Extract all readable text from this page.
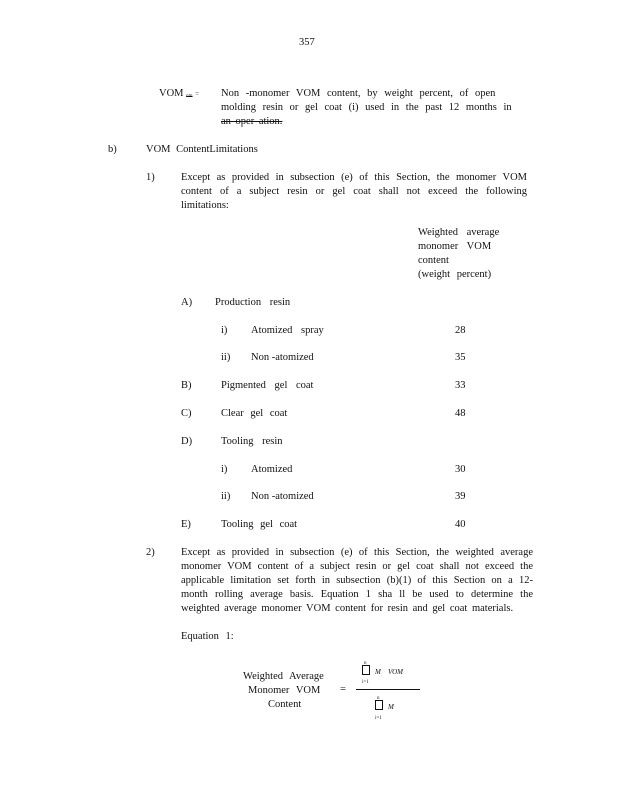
357
VOM nm = Non -monomer VOM content, by weight percent, of open
molding resin or gel coat (i) used in the past 12 months in
an oper ation.
b)	VOM ContentLimitations
1)	Except as provided in subsection (e) of this Section, the monomer VOM content of a subject resin or gel coat shall not exceed the following limitations:
Weighted average
monomer VOM
content
(weight percent)
A) Production resin
i) Atomized spray	28
ii) Non -atomized	35
B)	Pigmented gel coat	33
C)	Clear gel coat	48
D)	Tooling resin
i) Atomized	30
ii) Non -atomized	39
E)	Tooling gel coat	40
2)	Except as provided in subsection (e) of this Section, the weighted average monomer VOM content of a subject resin or gel coat shall not exceed the applicable limitation set forth in subsection (b)(1) of this Section on a 12-month rolling average basis. Equation 1 sha ll be used to determine the weighted average monomer VOM content for resin and gel coat materials.
Equation 1:
Weighted Average
Monomer VOM
Content
=
n
i=1
M VOM
n
i=1
M
